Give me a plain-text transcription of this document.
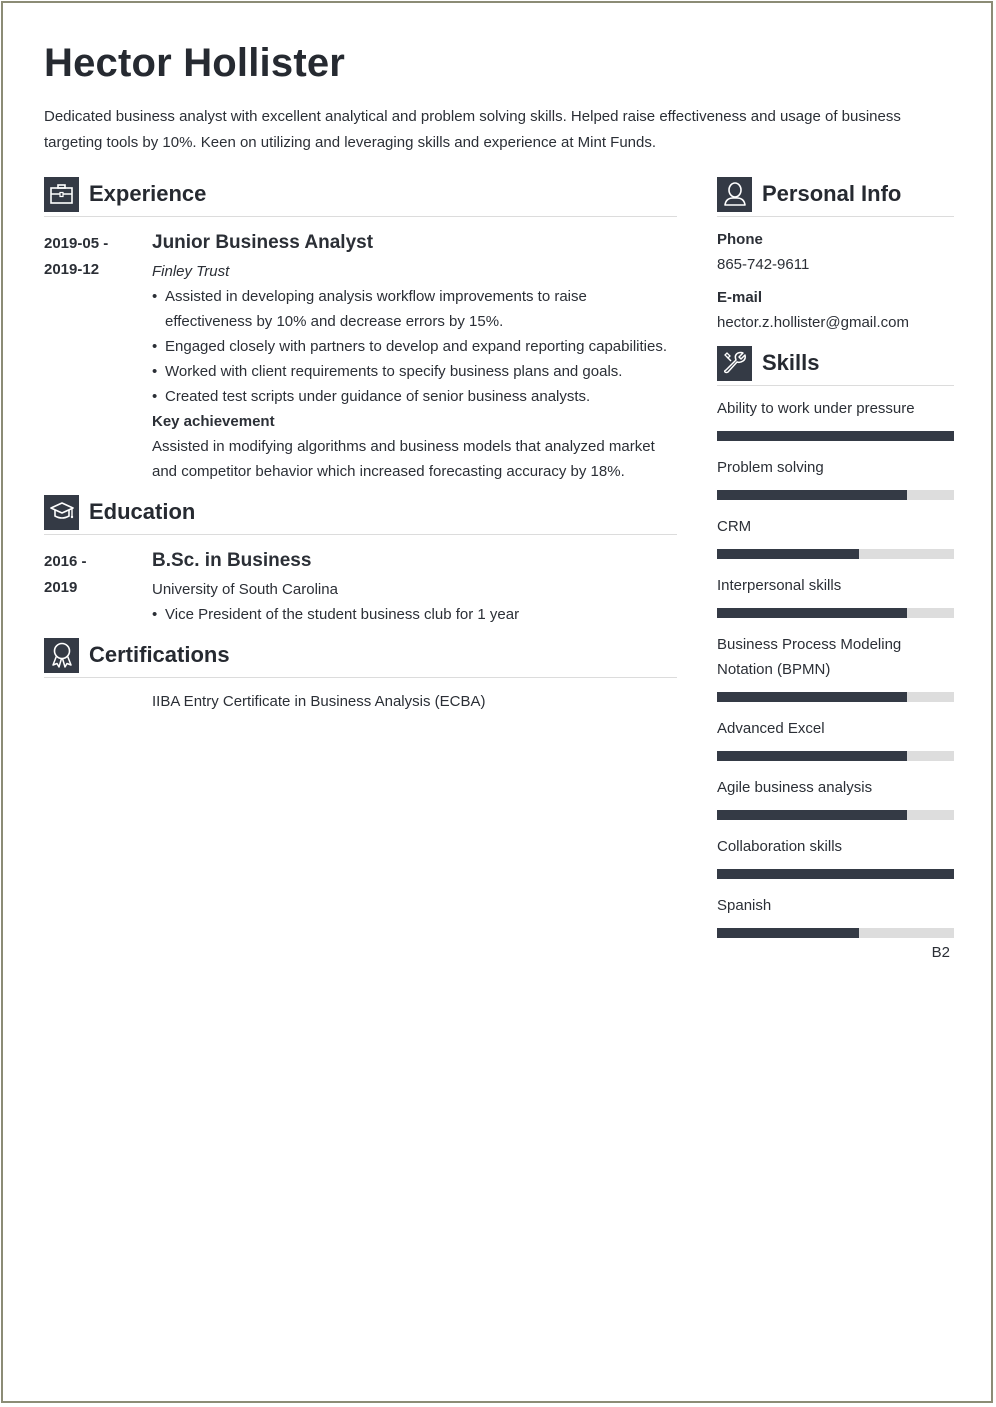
Hector Hollister

Dedicated business analyst with excellent analytical and problem solving skills. Helped raise effectiveness and usage of business targeting tools by 10%. Keen on utilizing and leveraging skills and experience at Mint Funds.

Experience
2019-05 -
2019-12
Junior Business Analyst
Finley Trust
• Assisted in developing analysis workflow improvements to raise effectiveness by 10% and decrease errors by 15%.
• Engaged closely with partners to develop and expand reporting capabilities.
• Worked with client requirements to specify business plans and goals.
• Created test scripts under guidance of senior business analysts.
Key achievement
Assisted in modifying algorithms and business models that analyzed market and competitor behavior which increased forecasting accuracy by 18%.
Education
2016 -
2019
B.Sc. in Business
University of South Carolina
• Vice President of the student business club for 1 year
Certifications
IIBA Entry Certificate in Business Analysis (ECBA)
Personal Info
Phone
865-742-9611
E-mail
hector.z.hollister@gmail.com
Skills
Ability to work under pressure
Problem solving
CRM
Interpersonal skills
Business Process Modeling Notation (BPMN)
Advanced Excel
Agile business analysis
Collaboration skills
Spanish
B2
